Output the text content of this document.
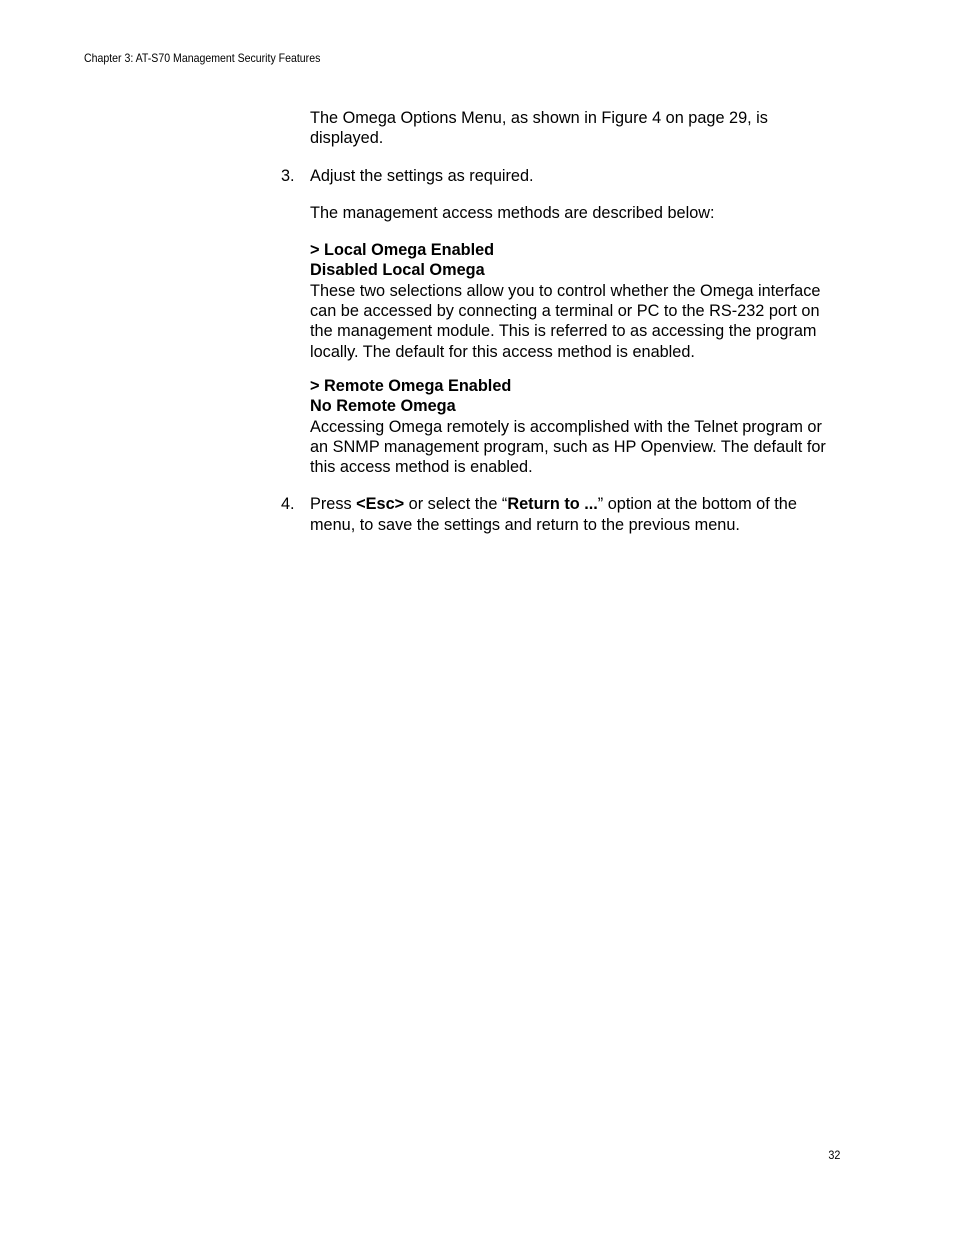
Chapter 3: AT-S70 Management Security Features

The Omega Options Menu, as shown in Figure 4 on page 29, is displayed.

3. Adjust the settings as required.

The management access methods are described below:

> Local Omega Enabled
Disabled Local Omega
These two selections allow you to control whether the Omega interface can be accessed by connecting a terminal or PC to the RS-232 port on the management module. This is referred to as accessing the program locally. The default for this access method is enabled.
> Remote Omega Enabled
No Remote Omega
Accessing Omega remotely is accomplished with the Telnet program or an SNMP management program, such as HP Openview. The default for this access method is enabled.
4. Press <Esc> or select the “Return to ...” option at the bottom of the menu, to save the settings and return to the previous menu.
32
